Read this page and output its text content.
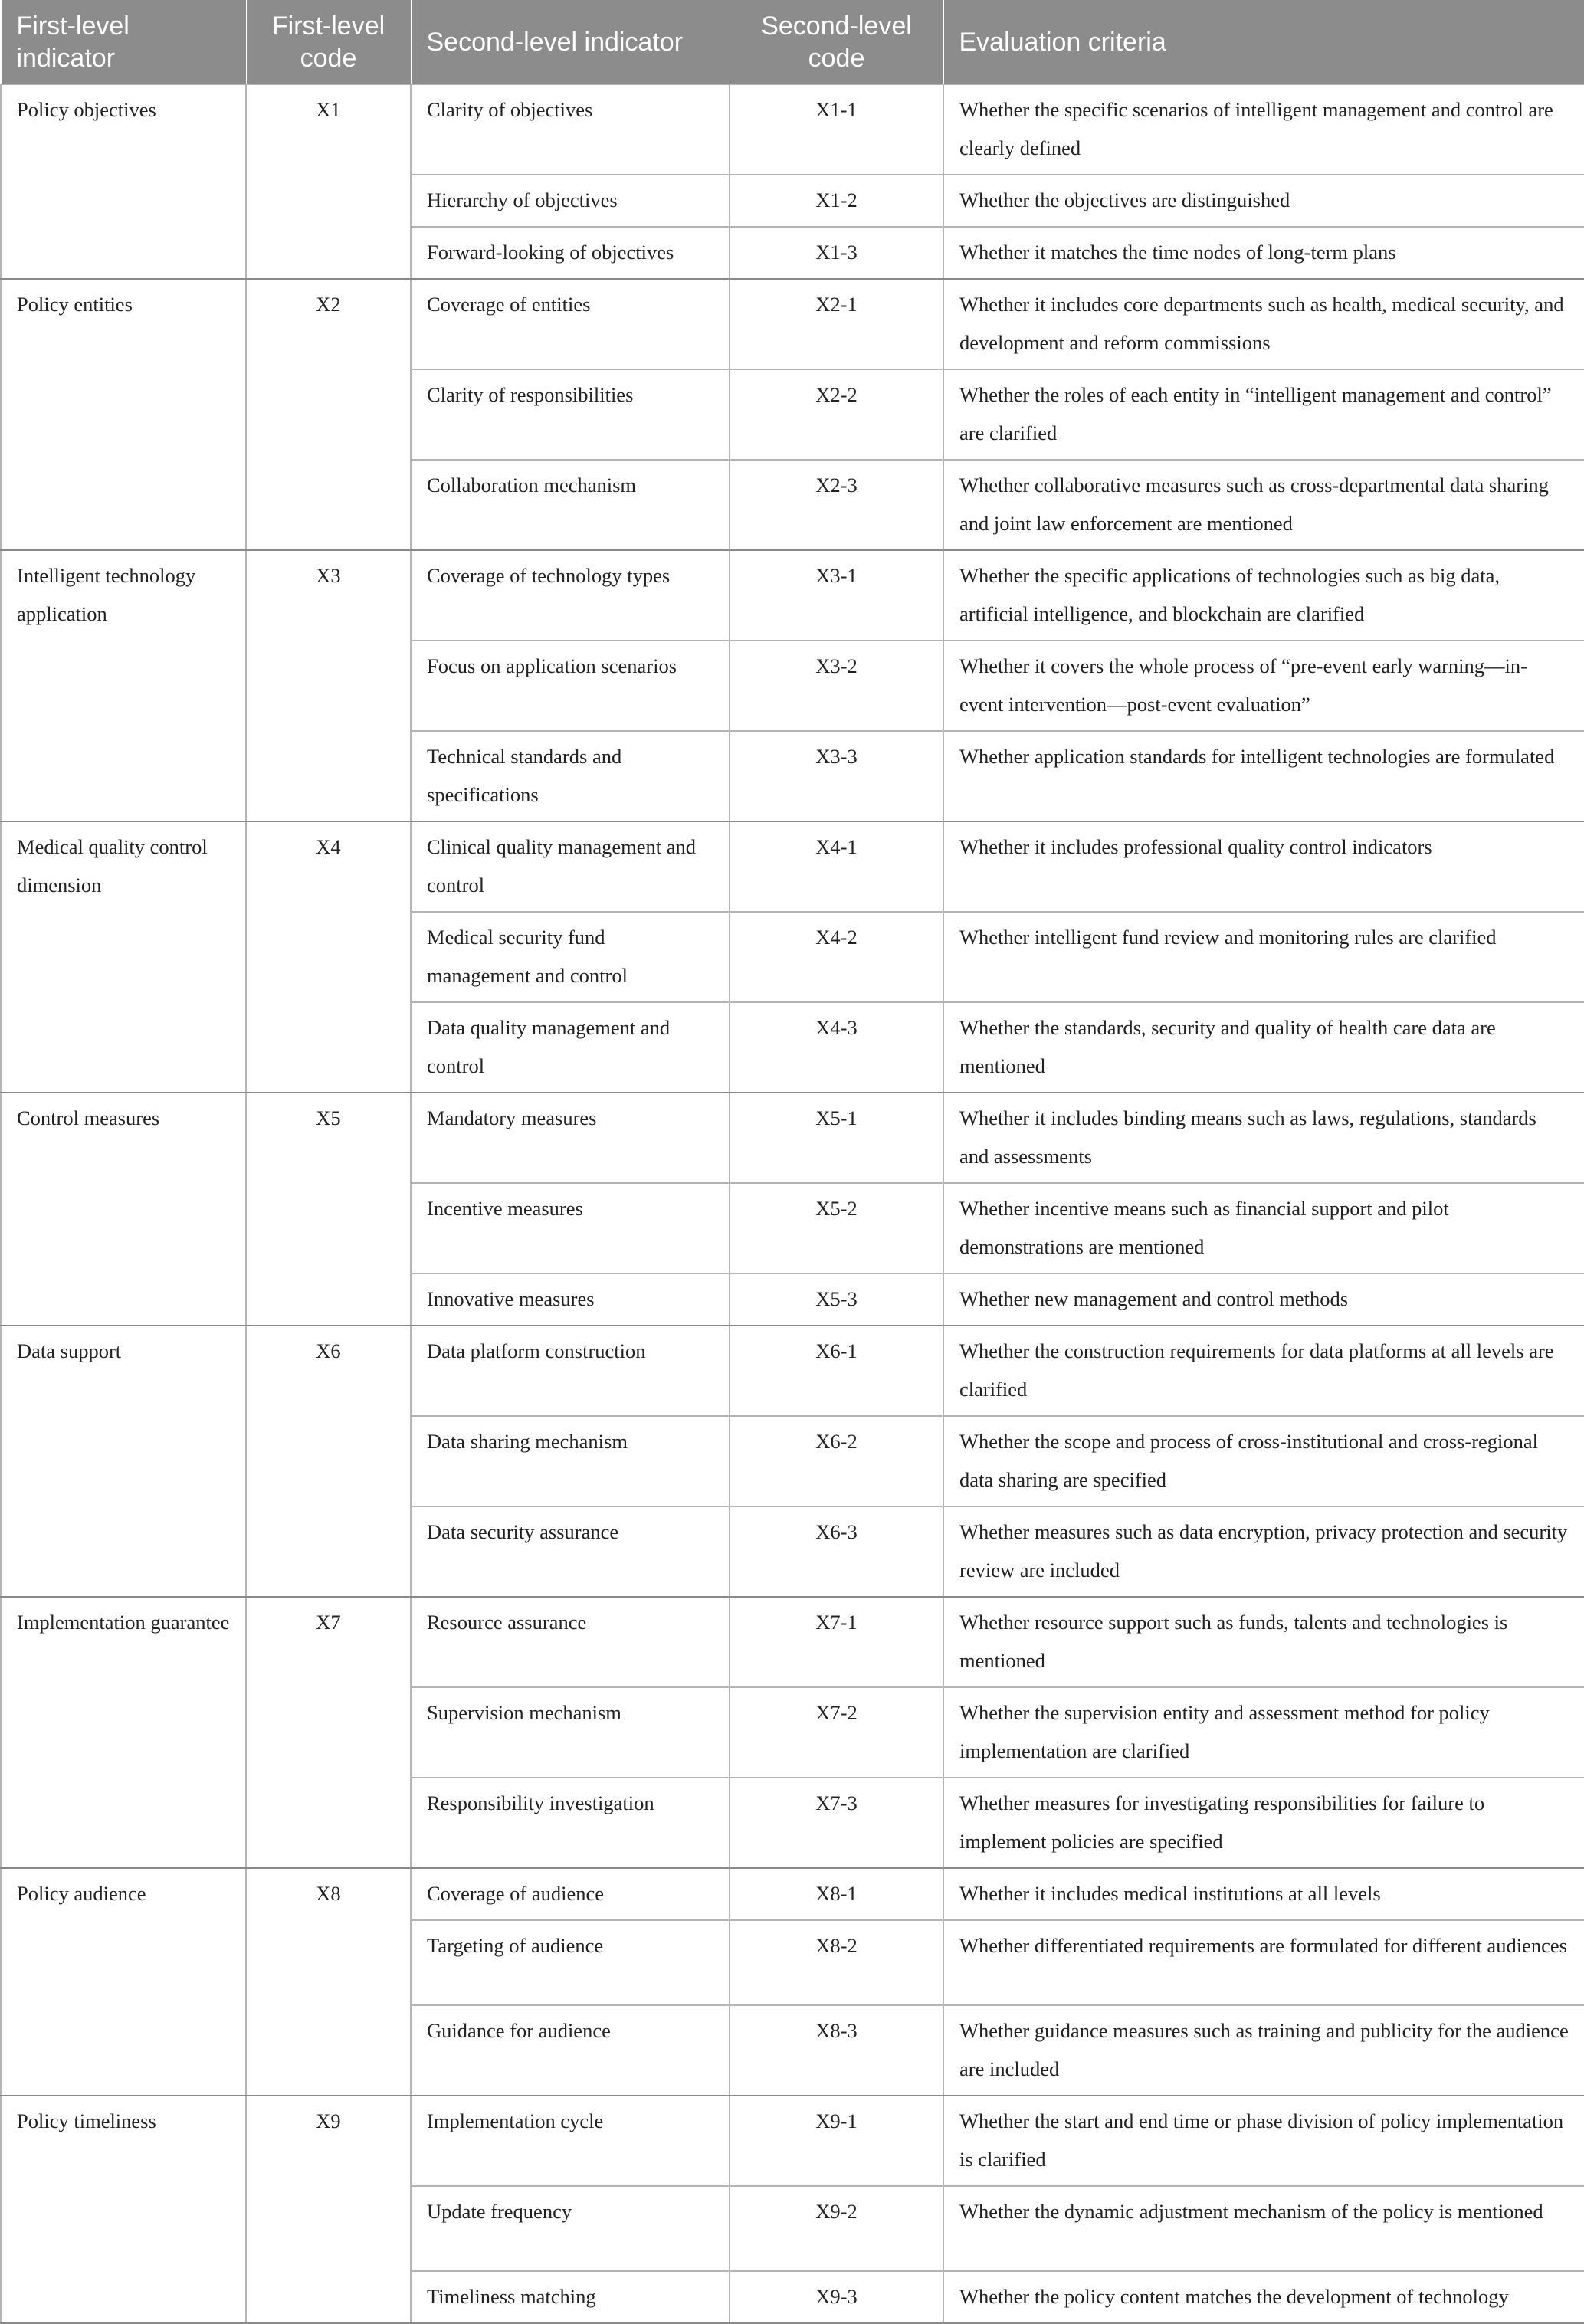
First-level indicator	First-level code	Second-level indicator	Second-level code	Evaluation criteria
Policy objectives	X1	Clarity of objectives	X1-1	Whether the specific scenarios of intelligent management and control are clearly defined
		Hierarchy of objectives	X1-2	Whether the objectives are distinguished
		Forward-looking of objectives	X1-3	Whether it matches the time nodes of long-term plans
Policy entities	X2	Coverage of entities	X2-1	Whether it includes core departments such as health, medical security, and development and reform commissions
		Clarity of responsibilities	X2-2	Whether the roles of each entity in “intelligent management and control” are clarified
		Collaboration mechanism	X2-3	Whether collaborative measures such as cross-departmental data sharing and joint law enforcement are mentioned
Intelligent technology application	X3	Coverage of technology types	X3-1	Whether the specific applications of technologies such as big data, artificial intelligence, and blockchain are clarified
		Focus on application scenarios	X3-2	Whether it covers the whole process of “pre-event early warning—in-event intervention—post-event evaluation”
		Technical standards and specifications	X3-3	Whether application standards for intelligent technologies are formulated
Medical quality control dimension	X4	Clinical quality management and control	X4-1	Whether it includes professional quality control indicators
		Medical security fund management and control	X4-2	Whether intelligent fund review and monitoring rules are clarified
		Data quality management and control	X4-3	Whether the standards, security and quality of health care data are mentioned
Control measures	X5	Mandatory measures	X5-1	Whether it includes binding means such as laws, regulations, standards and assessments
		Incentive measures	X5-2	Whether incentive means such as financial support and pilot demonstrations are mentioned
		Innovative measures	X5-3	Whether new management and control methods
Data support	X6	Data platform construction	X6-1	Whether the construction requirements for data platforms at all levels are clarified
		Data sharing mechanism	X6-2	Whether the scope and process of cross-institutional and cross-regional data sharing are specified
		Data security assurance	X6-3	Whether measures such as data encryption, privacy protection and security review are included
Implementation guarantee	X7	Resource assurance	X7-1	Whether resource support such as funds, talents and technologies is mentioned
		Supervision mechanism	X7-2	Whether the supervision entity and assessment method for policy implementation are clarified
		Responsibility investigation	X7-3	Whether measures for investigating responsibilities for failure to implement policies are specified
Policy audience	X8	Coverage of audience	X8-1	Whether it includes medical institutions at all levels
		Targeting of audience	X8-2	Whether differentiated requirements are formulated for different audiences
		Guidance for audience	X8-3	Whether guidance measures such as training and publicity for the audience are included
Policy timeliness	X9	Implementation cycle	X9-1	Whether the start and end time or phase division of policy implementation is clarified
		Update frequency	X9-2	Whether the dynamic adjustment mechanism of the policy is mentioned
		Timeliness matching	X9-3	Whether the policy content matches the development of technology
